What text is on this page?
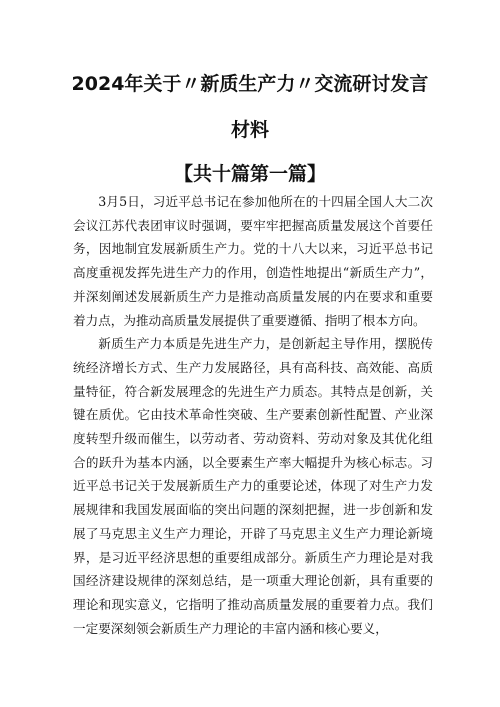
2024年关于〃新质生产力〃交流研讨发言
材料
【共十篇第一篇】

3月5日，习近平总书记在参加他所在的十四届全国人大二次会议江苏代表团审议时强调，要牢牢把握高质量发展这个首要任务，因地制宜发展新质生产力。党的十八大以来，习近平总书记高度重视发挥先进生产力的作用，创造性地提出“新质生产力”，并深刻阐述发展新质生产力是推动高质量发展的内在要求和重要着力点，为推动高质量发展提供了重要遵循、指明了根本方向。

新质生产力本质是先进生产力，是创新起主导作用，摆脱传统经济增长方式、生产力发展路径，具有高科技、高效能、高质量特征，符合新发展理念的先进生产力质态。其特点是创新，关键在质优。它由技术革命性突破、生产要素创新性配置、产业深度转型升级而催生，以劳动者、劳动资料、劳动对象及其优化组合的跃升为基本内涵，以全要素生产率大幅提升为核心标志。习近平总书记关于发展新质生产力的重要论述，体现了对生产力发展规律和我国发展面临的突出问题的深刻把握，进一步创新和发展了马克思主义生产力理论，开辟了马克思主义生产力理论新境界，是习近平经济思想的重要组成部分。新质生产力理论是对我国经济建设规律的深刻总结，是一项重大理论创新，具有重要的理论和现实意义，它指明了推动高质量发展的重要着力点。我们一定要深刻领会新质生产力理论的丰富内涵和核心要义，
